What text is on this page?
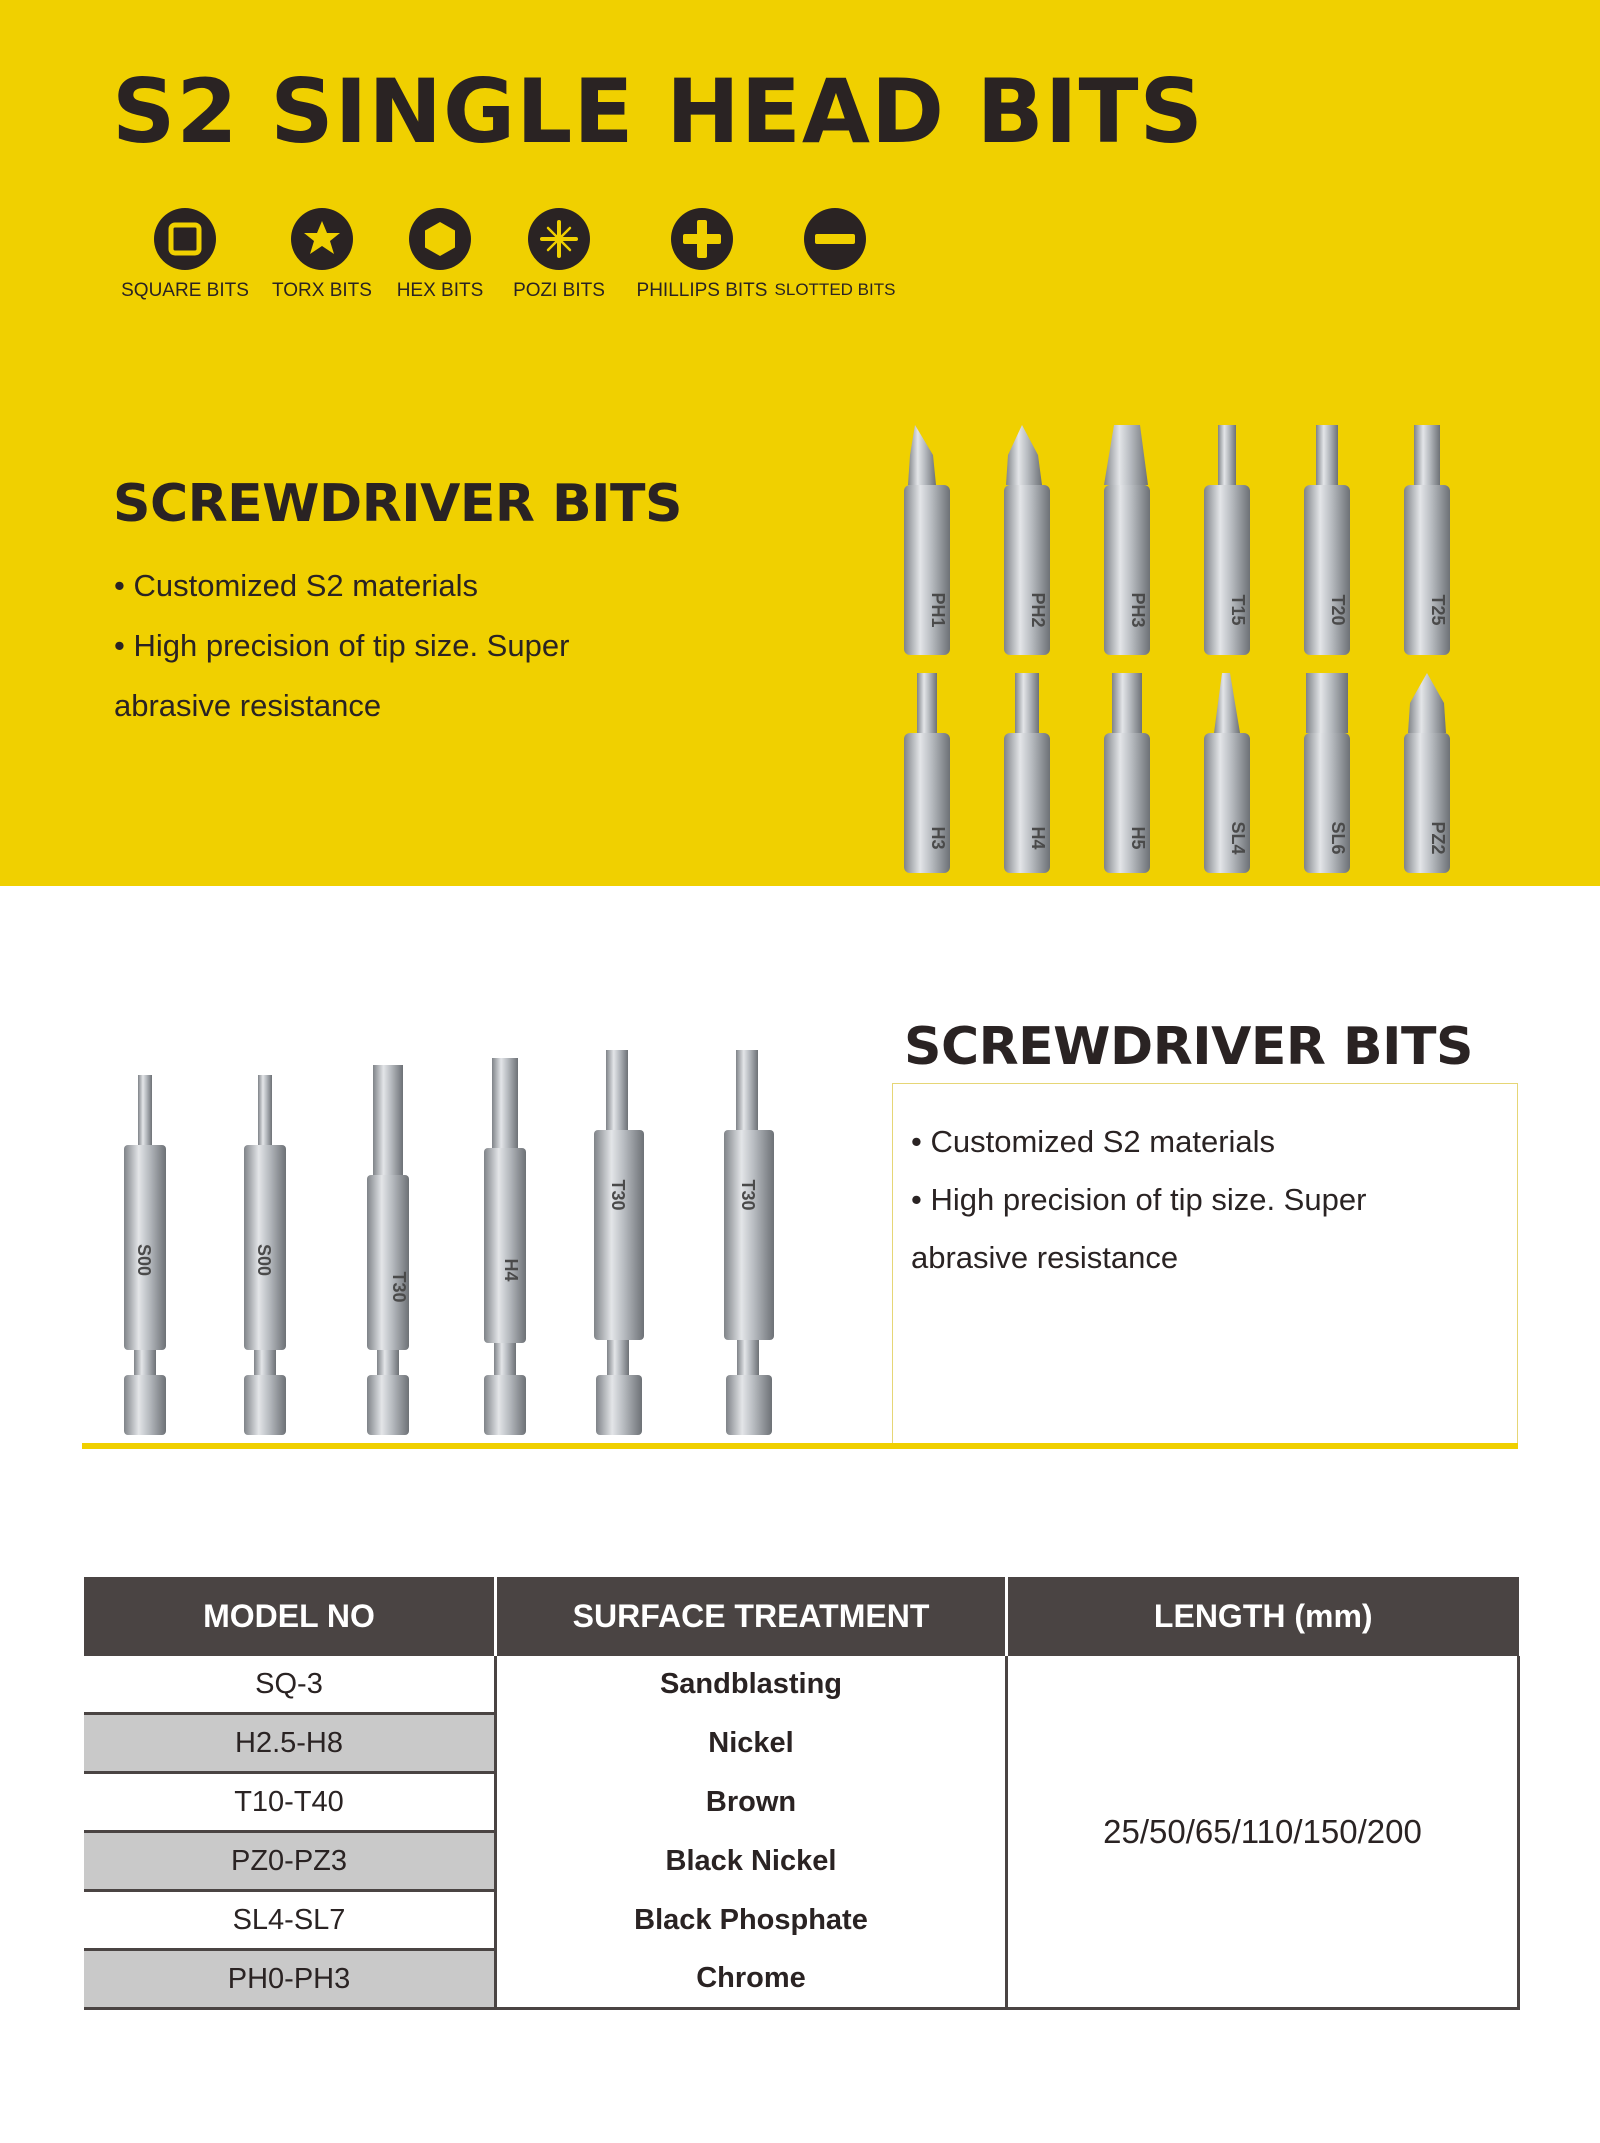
S2 SINGLE HEAD BITS
SQUARE BITS	TORX BITS	HEX BITS	POZI BITS	PHILLIPS BITS SLOTTED BITS
SCREWDRIVER BITS

• Customized S2 materials

• High precision of tip size. Super

abrasive resistance

PH1	PH2	PH3	T15	T20	T25
H3	H4	H5	SL4	SL6	PZ2
S00	S00
T30
H4
T30	T30
SCREWDRIVER BITS

• Customized S2 materials

• High precision of tip size. Super

abrasive resistance

MODEL NO	SURFACE TREATMENT	LENGTH (mm)
SQ-3	Sandblasting	25/50/65/110/150/200
H2.5-H8	Nickel	
T10-T40	Brown	
PZ0-PZ3	Black Nickel	
SL4-SL7	Black Phosphate	
PH0-PH3	Chrome	
